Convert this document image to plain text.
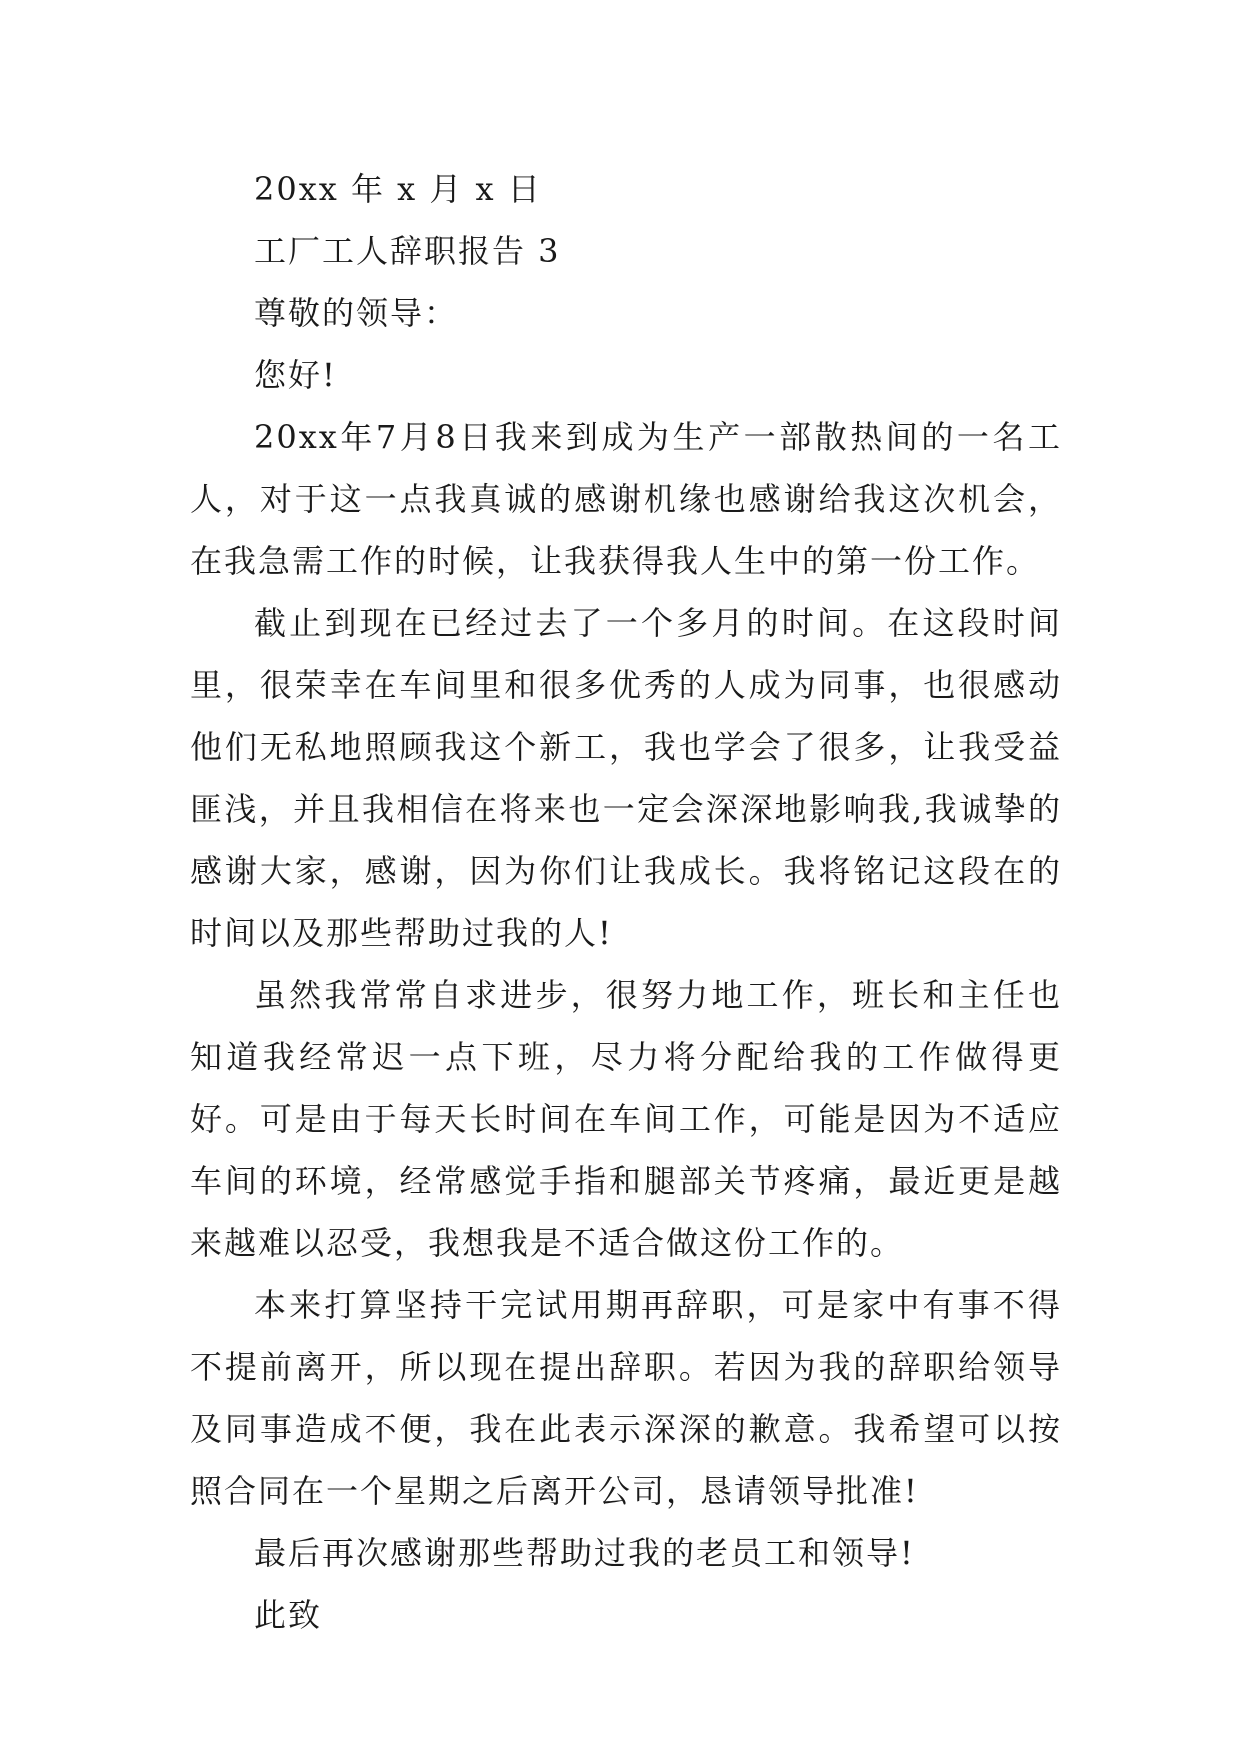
20xx 年 x 月 x 日

工厂工人辞职报告 3

尊敬的领导：

您好!

20xx年7月8日我来到成为生产一部散热间的一名工人，对于这一点我真诚的感谢机缘也感谢给我这次机会，在我急需工作的时候，让我获得我人生中的第一份工作。

截止到现在已经过去了一个多月的时间。在这段时间里，很荣幸在车间里和很多优秀的人成为同事，也很感动他们无私地照顾我这个新工，我也学会了很多，让我受益匪浅，并且我相信在将来也一定会深深地影响我,我诚挚的感谢大家，感谢，因为你们让我成长。我将铭记这段在的时间以及那些帮助过我的人!

虽然我常常自求进步，很努力地工作，班长和主任也知道我经常迟一点下班，尽力将分配给我的工作做得更好。可是由于每天长时间在车间工作，可能是因为不适应车间的环境，经常感觉手指和腿部关节疼痛，最近更是越来越难以忍受，我想我是不适合做这份工作的。

本来打算坚持干完试用期再辞职，可是家中有事不得不提前离开，所以现在提出辞职。若因为我的辞职给领导及同事造成不便，我在此表示深深的歉意。我希望可以按照合同在一个星期之后离开公司，恳请领导批准!

最后再次感谢那些帮助过我的老员工和领导!

此致
